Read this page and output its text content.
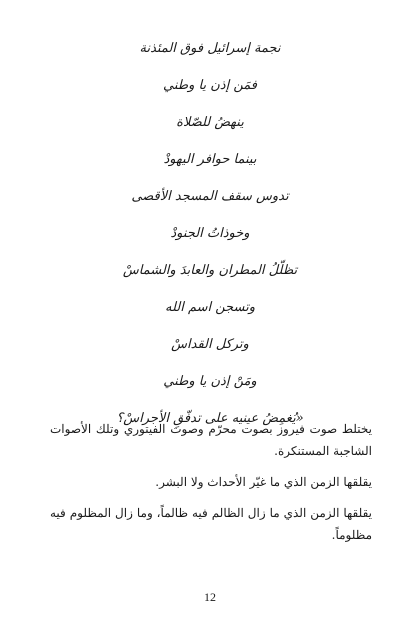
نجمة إسرائيل فوق المئذنة
فمَن إذن يا وطني
ينهضُ للصّلاة
بينما حوافر اليهودْ
تدوس سقف المسجد الأقصى
وخوذاتُ الجنودْ
تظلّلُ المطران والعابدَ والشماسْ
وتسجن اسم الله
وتركل القداسْ
ومَنْ إذن يا وطني
يُغمِضُ عينيه على تدفّقِ الأجراسْ؟»

يختلط صوت فيروز بصوت محرّم وصوت الفيتوري وتلك الأصوات الشاجبة المستنكرة.

يقلقها الزمن الذي ما غيّر الأحداث ولا البشر.

يقلقها الزمن الذي ما زال الظالم فيه ظالماً، وما زال المظلوم فيه مظلوماً.

12
